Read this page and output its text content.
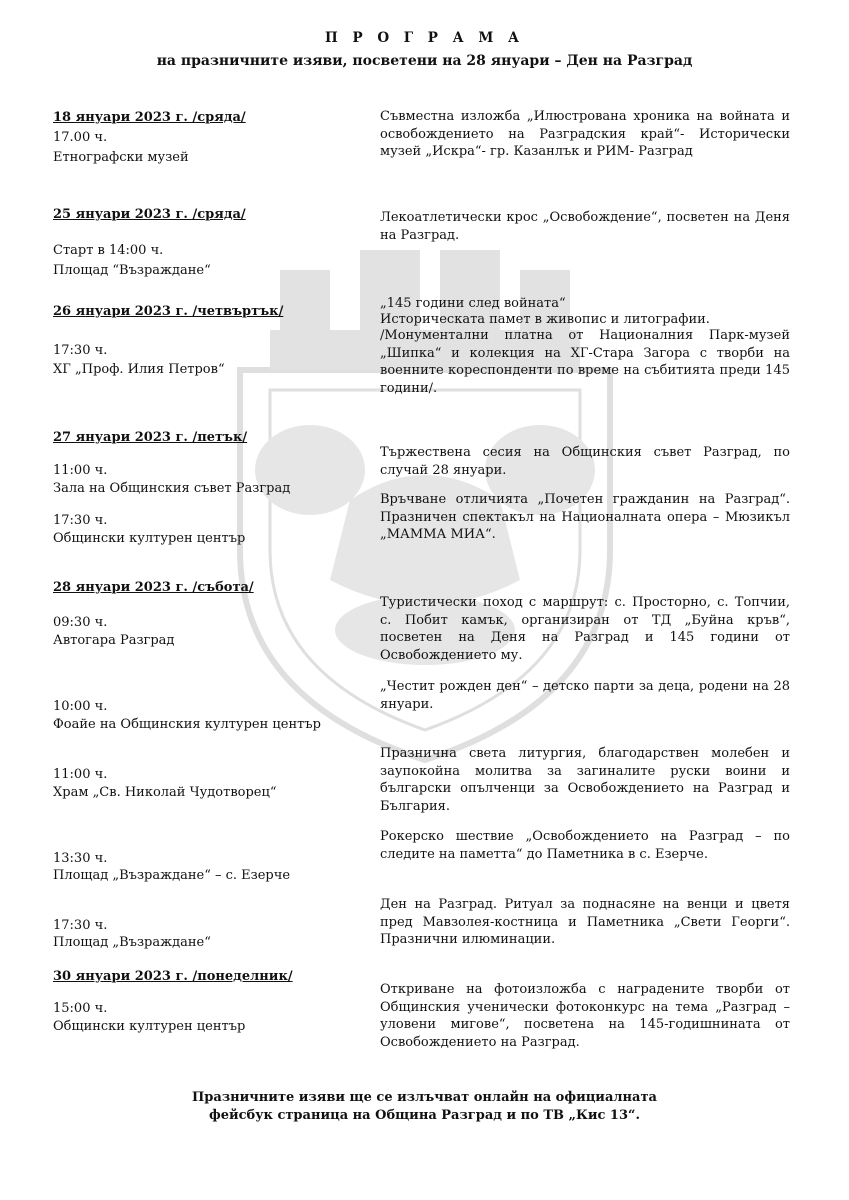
П Р О Г Р А М А
на празничните изяви, посветени на 28 януари – Ден на Разград
18 януари 2023 г. /сряда/
17.00 ч.
Етнографски музей
Съвместна изложба „Илюстрована хроника на войната и освобождението на Разградския край“- Исторически музей „Искра“- гр. Казанлък и РИМ- Разград
25 януари 2023 г. /сряда/
Старт в 14:00 ч.
Площад “Възраждане“
Лекоатлетически крос „Освобождение“, посветен на Деня на Разград.
26 януари 2023 г. /четвъртък/
17:30 ч.
ХГ „Проф. Илия Петров“
„145 години след войната“
Историческата памет в живопис и литографии.
/Монументални платна от Националния Парк-музей „Шипка“ и колекция на ХГ-Стара Загора с творби на военните кореспонденти по време на събитията преди 145 години/.
27 януари 2023 г. /петък/
11:00 ч.
Зала на Общинския съвет Разград
17:30 ч.
Общински културен център
Тържествена сесия на Общинския съвет Разград, по случай 28 януари.
Връчване отличията „Почетен гражданин на Разград“. Празничен спектакъл на Националната опера – Мюзикъл „МАММА МИА“.
28 януари 2023 г. /събота/
09:30 ч.
Автогара Разград
Туристически поход с маршрут: с. Просторно, с. Топчии, с. Побит камък, организиран от ТД „Буйна кръв“, посветен на Деня на Разград и 145 години от Освобождението му.
„Честит рожден ден“ – детско парти за деца, родени на 28 януари.
10:00 ч.
Фоайе на Общинския културен център
11:00 ч.
Храм „Св. Николай Чудотворец“
Празнична света литургия, благодарствен молебен и заупокойна молитва за загиналите руски воини и български опълченци за Освобождението на Разград и България.
Рокерско шествие „Освобождението на Разград – по следите на паметта“ до Паметника в с. Езерче.
13:30 ч.
Площад „Възраждане“ – с. Езерче
Ден на Разград. Ритуал за поднасяне на венци и цветя пред Мавзолея-костница и Паметника „Свети Георги“. Празнични илюминации.
17:30 ч.
Площад „Възраждане“
30 януари 2023 г. /понеделник/
15:00 ч.
Общински културен център
Откриване на фотоизложба с наградените творби от Общинския ученически фотоконкурс на тема „Разград – уловени мигове“, посветена на 145-годишнината от Освобождението на Разград.
Празничните изяви ще се излъчват онлайн на официалната
фейсбук страница на Община Разград и по ТВ „Кис 13“.
